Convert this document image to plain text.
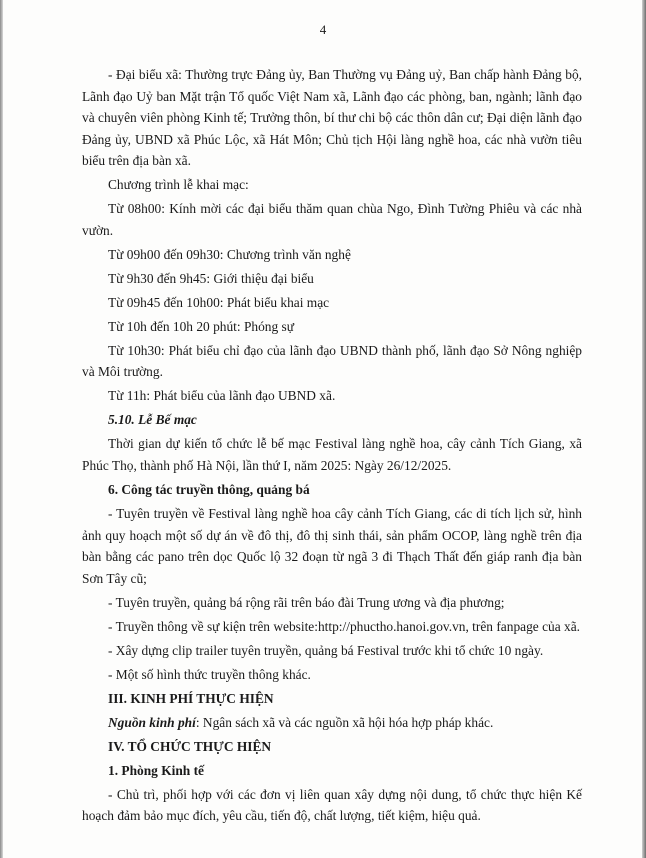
4

- Đại biểu xã: Thường trực Đảng ủy, Ban Thường vụ Đảng uỷ, Ban chấp hành Đảng bộ, Lãnh đạo Uỷ ban Mặt trận Tổ quốc Việt Nam xã, Lãnh đạo các phòng, ban, ngành; lãnh đạo và chuyên viên phòng Kinh tế; Trưởng thôn, bí thư chi bộ các thôn dân cư; Đại diện lãnh đạo Đảng ủy, UBND xã Phúc Lộc, xã Hát Môn; Chủ tịch Hội làng nghề hoa, các nhà vườn tiêu biểu trên địa bàn xã.

Chương trình lễ khai mạc:

Từ 08h00: Kính mời các đại biểu thăm quan chùa Ngo, Đình Tường Phiêu và các nhà vườn.

Từ 09h00 đến 09h30: Chương trình văn nghệ

Từ 9h30 đến 9h45: Giới thiệu đại biểu

Từ 09h45 đến 10h00: Phát biểu khai mạc

Từ 10h đến 10h 20 phút: Phóng sự

Từ 10h30: Phát biểu chỉ đạo của lãnh đạo UBND thành phố, lãnh đạo Sở Nông nghiệp và Môi trường.

Từ 11h: Phát biểu của lãnh đạo UBND xã.

5.10. Lễ Bế mạc

Thời gian dự kiến tổ chức lễ bế mạc Festival làng nghề hoa, cây cảnh Tích Giang, xã Phúc Thọ, thành phố Hà Nội, lần thứ I, năm 2025: Ngày 26/12/2025.

6. Công tác truyền thông, quảng bá

- Tuyên truyền về Festival làng nghề hoa cây cảnh Tích Giang, các di tích lịch sử, hình ảnh quy hoạch một số dự án về đô thị, đô thị sinh thái, sản phẩm OCOP, làng nghề trên địa bàn bằng các pano trên dọc Quốc lộ 32 đoạn từ ngã 3 đi Thạch Thất đến giáp ranh địa bàn Sơn Tây cũ;

- Tuyên truyền, quảng bá rộng rãi trên báo đài Trung ương và địa phương;

- Truyền thông về sự kiện trên website:http://phuctho.hanoi.gov.vn, trên fanpage của xã.

- Xây dựng clip trailer tuyên truyền, quảng bá Festival trước khi tổ chức 10 ngày.

- Một số hình thức truyền thông khác.

III. KINH PHÍ THỰC HIỆN

Nguồn kinh phí: Ngân sách xã và các nguồn xã hội hóa hợp pháp khác.

IV. TỔ CHỨC THỰC HIỆN

1. Phòng Kinh tế

- Chủ trì, phối hợp với các đơn vị liên quan xây dựng nội dung, tổ chức thực hiện Kế hoạch đảm bảo mục đích, yêu cầu, tiến độ, chất lượng, tiết kiệm, hiệu quả.
